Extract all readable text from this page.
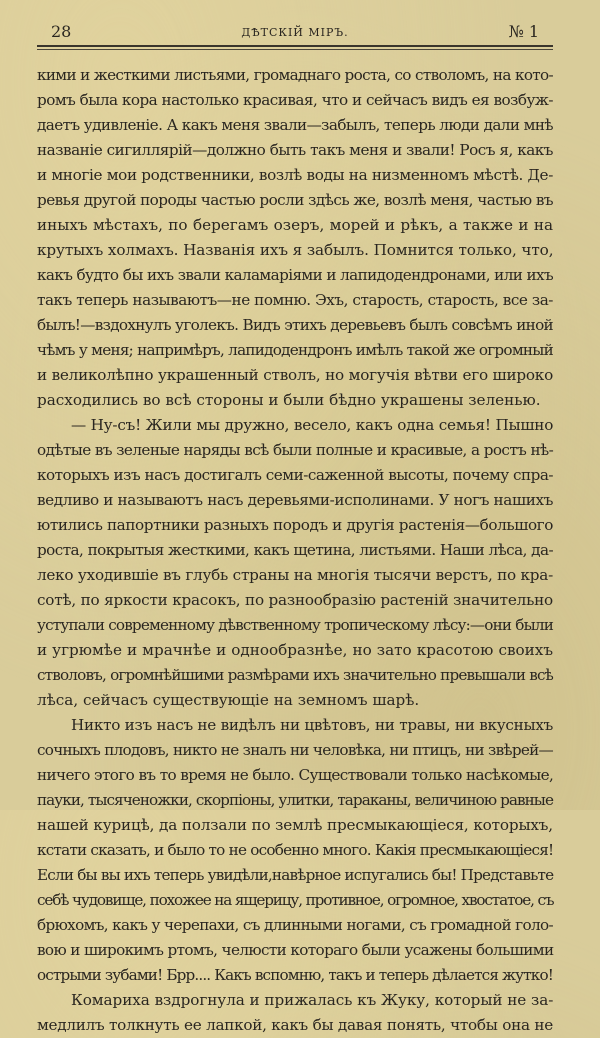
28	ДѢТСКІЙ МІРЪ.	№ 1
кими и жесткими листьями, громаднаго роста, со стволомъ, на кото-
ромъ была кора настолько красивая, что и сейчасъ видъ ея возбуж-
даетъ удивленіе. А какъ меня звали—забылъ, теперь люди дали мнѣ
названіе сигиллярій—должно быть такъ меня и звали! Росъ я, какъ
и многіе мои родственники, возлѣ воды на низменномъ мѣстѣ. Де-
ревья другой породы частью росли здѣсь же, возлѣ меня, частью въ
иныхъ мѣстахъ, по берегамъ озеръ, морей и рѣкъ, а также и на
крутыхъ холмахъ. Названія ихъ я забылъ. Помнится только, что,
какъ будто бы ихъ звали каламаріями и лапидодендронами, или ихъ
такъ теперь называютъ—не помню. Эхъ, старость, старость, все за-
былъ!—вздохнулъ уголекъ. Видъ этихъ деревьевъ былъ совсѣмъ иной
чѣмъ у меня; напримѣръ, лапидодендронъ имѣлъ такой же огромный
и великолѣпно украшенный стволъ, но могучія вѣтви его широко
расходились во всѣ стороны и были бѣдно украшены зеленью.
— Ну-съ! Жили мы дружно, весело, какъ одна семья! Пышно
одѣтые въ зеленые наряды всѣ были полные и красивые, а ростъ нѣ-
которыхъ изъ насъ достигалъ семи-саженной высоты, почему спра-
ведливо и называютъ насъ деревьями-исполинами. У ногъ нашихъ
ютились папортники разныхъ породъ и другія растенія—большого
роста, покрытыя жесткими, какъ щетина, листьями. Наши лѣса, да-
леко уходившіе въ глубь страны на многія тысячи верстъ, по кра-
сотѣ, по яркости красокъ, по разнообразію растеній значительно
уступали современному дѣвственному тропическому лѣсу:—они были
и угрюмѣе и мрачнѣе и однообразнѣе, но зато красотою своихъ
стволовъ, огромнѣйшими размѣрами ихъ значительно превышали всѣ
лѣса, сейчасъ существующіе на земномъ шарѣ.
Никто изъ насъ не видѣлъ ни цвѣтовъ, ни травы, ни вкусныхъ
сочныхъ плодовъ, никто не зналъ ни человѣка, ни птицъ, ни звѣрей—
ничего этого въ то время не было. Существовали только насѣкомые,
пауки, тысяченожки, скорпіоны, улитки, тараканы, величиною равные
нашей курицѣ, да ползали по землѣ пресмыкающіеся, которыхъ,
кстати сказать, и было то не особенно много. Какія пресмыкающіеся!
Если бы вы ихъ теперь увидѣли,навѣрное испугались бы! Представьте
себѣ чудовище, похожее на ящерицу, противное, огромное, хвостатое, съ
брюхомъ, какъ у черепахи, съ длинными ногами, съ громадной голо-
вою и широкимъ ртомъ, челюсти котораго были усажены большими
острыми зубами! Брр.... Какъ вспомню, такъ и теперь дѣлается жутко!
Комариха вздрогнула и прижалась къ Жуку, который не за-
медлилъ толкнуть ее лапкой, какъ бы давая понять, чтобы она не
